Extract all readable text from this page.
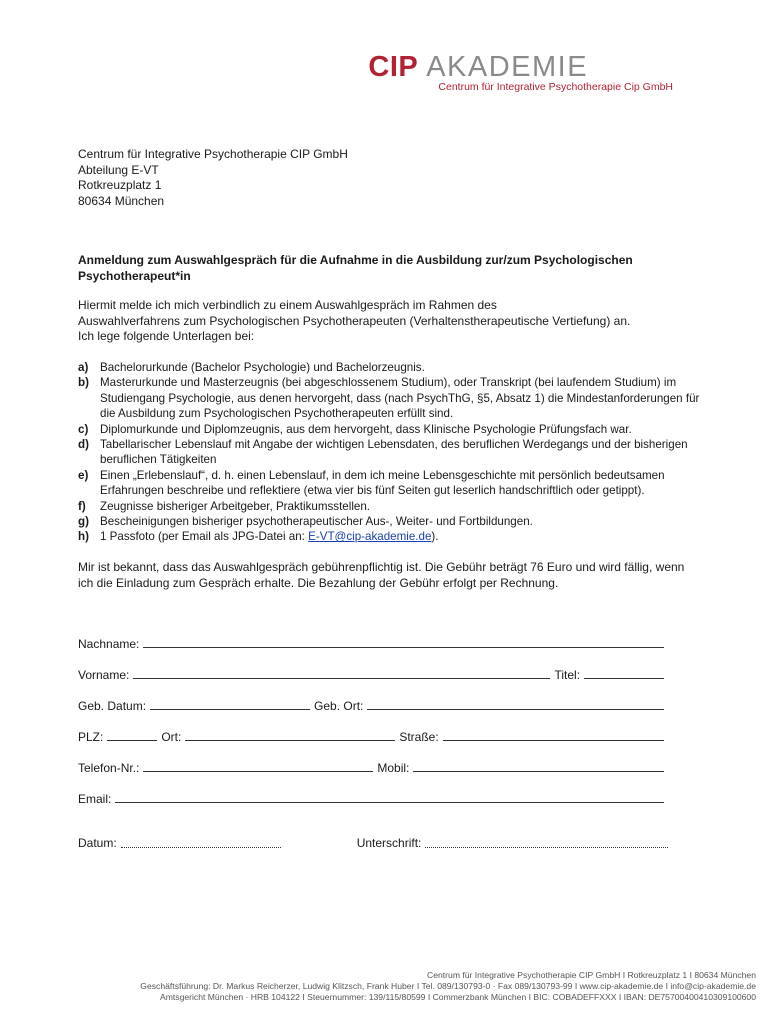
CIP AKADEMIE
Centrum für Integrative Psychotherapie Cip GmbH
Centrum für Integrative Psychotherapie CIP GmbH
Abteilung E-VT
Rotkreuzplatz 1
80634 München
Anmeldung zum Auswahlgespräch für die Aufnahme in die Ausbildung zur/zum Psychologischen Psychotherapeut*in
Hiermit melde ich mich verbindlich zu einem Auswahlgespräch im Rahmen des
Auswahlverfahrens zum Psychologischen Psychotherapeuten (Verhaltenstherapeutische Vertiefung) an.
Ich lege folgende Unterlagen bei:
a)	Bachelorurkunde (Bachelor Psychologie) und Bachelorzeugnis.
b) Masterurkunde und Masterzeugnis (bei abgeschlossenem Studium), oder Transkript (bei laufendem Studium) im Studiengang Psychologie, aus denen hervorgeht, dass (nach PsychThG, §5, Absatz 1) die Mindestanforderungen für die Ausbildung zum Psychologischen Psychotherapeuten erfüllt sind.
c)	Diplomurkunde und Diplomzeugnis, aus dem hervorgeht, dass Klinische Psychologie Prüfungsfach war.
d) Tabellarischer Lebenslauf mit Angabe der wichtigen Lebensdaten, des beruflichen Werdegangs und der bisherigen beruflichen Tätigkeiten
e)	Einen „Erlebenslauf“, d. h. einen Lebenslauf, in dem ich meine Lebensgeschichte mit persönlich bedeutsamen Erfahrungen beschreibe und reflektiere (etwa vier bis fünf Seiten gut leserlich handschriftlich oder getippt).
f)	Zeugnisse bisheriger Arbeitgeber, Praktikumsstellen.
g) Bescheinigungen bisheriger psychotherapeutischer Aus-, Weiter- und Fortbildungen.
h) 1 Passfoto (per Email als JPG-Datei an: E-VT@cip-akademie.de).
Mir ist bekannt, dass das Auswahlgespräch gebührenpflichtig ist. Die Gebühr beträgt 76 Euro und wird fällig, wenn ich die Einladung zum Gespräch erhalte. Die Bezahlung der Gebühr erfolgt per Rechnung.
Nachname:
Vorname:	Titel:
Geb. Datum:	Geb. Ort:
PLZ:	Ort:	Straße:
Telefon-Nr.:	Mobil:
Email:
Datum:	Unterschrift:
Centrum für Integrative Psychotherapie CIP GmbH I Rotkreuzplatz 1 I 80634 München
Geschäftsführung: Dr. Markus Reicherzer, Ludwig Klitzsch, Frank Huber I Tel. 089/130793-0 · Fax 089/130793-99 I www.cip-akademie.de I info@cip-akademie.de
Amtsgericht München · HRB 104122 I Steuernummer: 139/115/80599 I Commerzbank München I BIC: COBADEFFXXX I IBAN: DE75700400410309100600
